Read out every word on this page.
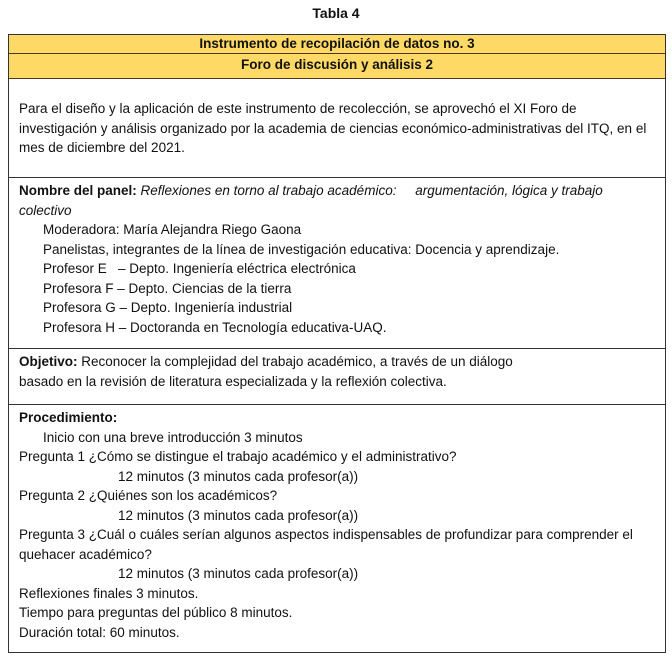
Tabla 4
Instrumento de recopilación de datos no. 3
Foro de discusión y análisis 2
Para el diseño y la aplicación de este instrumento de recolección, se aprovechó el XI Foro de investigación y análisis organizado por la academia de ciencias económico-administrativas del ITQ, en el mes de diciembre del 2021.
Nombre del panel: Reflexiones en torno al trabajo académico:     argumentación, lógica y trabajo colectivo
Moderadora: María Alejandra Riego Gaona
Panelistas, integrantes de la línea de investigación educativa: Docencia y aprendizaje.
Profesor E   – Depto. Ingeniería eléctrica electrónica
Profesora F – Depto. Ciencias de la tierra
Profesora G – Depto. Ingeniería industrial
Profesora H – Doctoranda en Tecnología educativa-UAQ.
Objetivo: Reconocer la complejidad del trabajo académico, a través de un diálogo
basado en la revisión de literatura especializada y la reflexión colectiva.
Procedimiento:
Inicio con una breve introducción 3 minutos
Pregunta 1 ¿Cómo se distingue el trabajo académico y el administrativo?
12 minutos (3 minutos cada profesor(a))
Pregunta 2 ¿Quiénes son los académicos?
12 minutos (3 minutos cada profesor(a))
Pregunta 3 ¿Cuál o cuáles serían algunos aspectos indispensables de profundizar para comprender el quehacer académico?
12 minutos (3 minutos cada profesor(a))
Reflexiones finales 3 minutos.
Tiempo para preguntas del público 8 minutos.
Duración total: 60 minutos.
